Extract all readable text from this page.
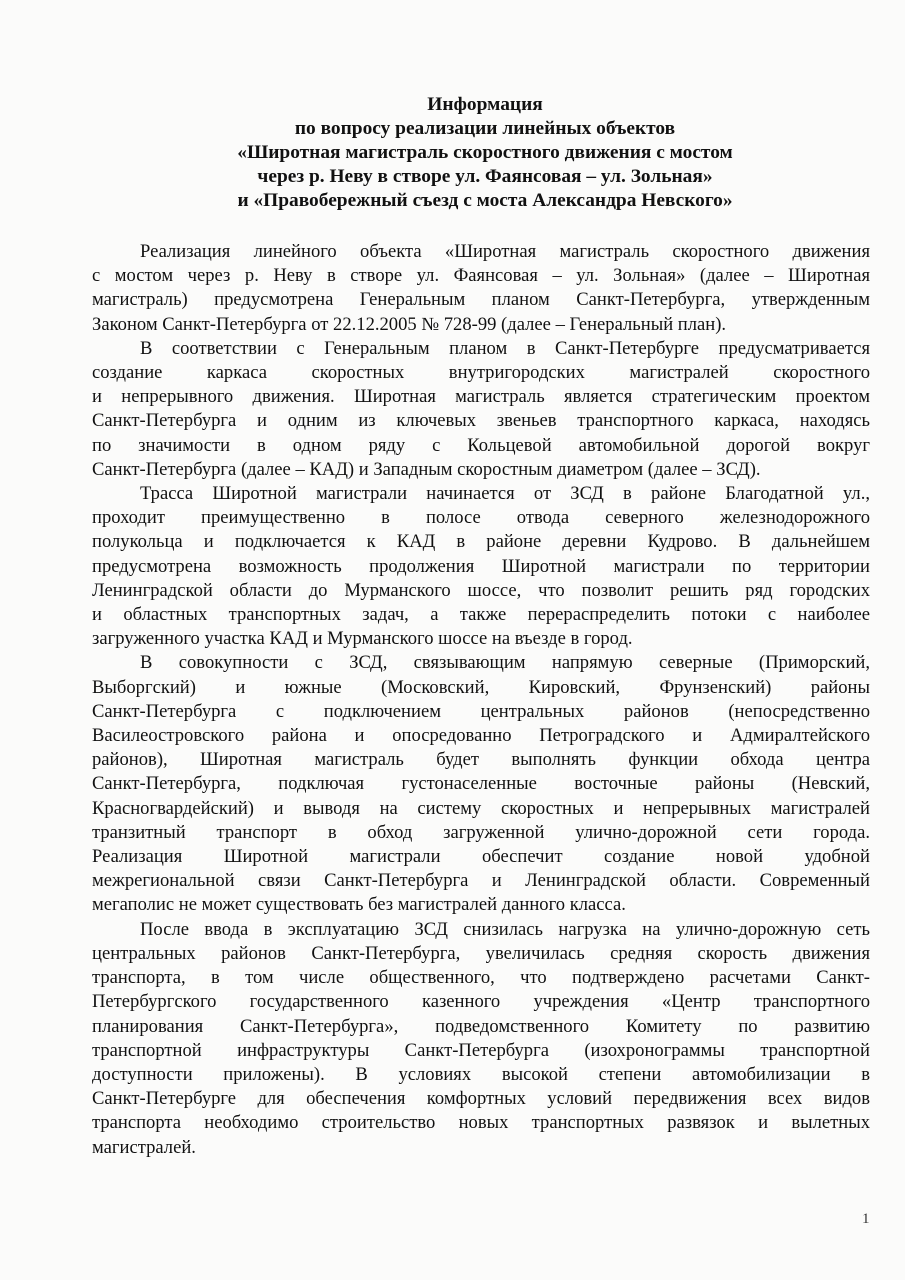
Информация
по вопросу реализации линейных объектов
«Широтная магистраль скоростного движения с мостом
через р. Неву в створе ул. Фаянсовая – ул. Зольная»
и «Правобережный съезд с моста Александра Невского»
Реализация линейного объекта «Широтная магистраль скоростного движения
с мостом через р. Неву в створе ул. Фаянсовая – ул. Зольная» (далее – Широтная
магистраль) предусмотрена Генеральным планом Санкт-Петербурга, утвержденным
Законом Санкт-Петербурга от 22.12.2005 № 728-99 (далее – Генеральный план).
В соответствии с Генеральным планом в Санкт-Петербурге предусматривается
создание каркаса скоростных внутригородских магистралей скоростного
и непрерывного движения. Широтная магистраль является стратегическим проектом
Санкт-Петербурга и одним из ключевых звеньев транспортного каркаса, находясь
по значимости в одном ряду с Кольцевой автомобильной дорогой вокруг
Санкт-Петербурга (далее – КАД) и Западным скоростным диаметром (далее – ЗСД).
Трасса Широтной магистрали начинается от ЗСД в районе Благодатной ул.,
проходит преимущественно в полосе отвода северного железнодорожного
полукольца и подключается к КАД в районе деревни Кудрово. В дальнейшем
предусмотрена возможность продолжения Широтной магистрали по территории
Ленинградской области до Мурманского шоссе, что позволит решить ряд городских
и областных транспортных задач, а также перераспределить потоки с наиболее
загруженного участка КАД и Мурманского шоссе на въезде в город.
В совокупности с ЗСД, связывающим напрямую северные (Приморский,
Выборгский) и южные (Московский, Кировский, Фрунзенский) районы
Санкт-Петербурга с подключением центральных районов (непосредственно
Василеостровского района и опосредованно Петроградского и Адмиралтейского
районов), Широтная магистраль будет выполнять функции обхода центра
Санкт-Петербурга, подключая густонаселенные восточные районы (Невский,
Красногвардейский) и выводя на систему скоростных и непрерывных магистралей
транзитный транспорт в обход загруженной улично-дорожной сети города.
Реализация Широтной магистрали обеспечит создание новой удобной
межрегиональной связи Санкт-Петербурга и Ленинградской области. Современный
мегаполис не может существовать без магистралей данного класса.
После ввода в эксплуатацию ЗСД снизилась нагрузка на улично-дорожную сеть
центральных районов Санкт-Петербурга, увеличилась средняя скорость движения
транспорта, в том числе общественного, что подтверждено расчетами Санкт-
Петербургского государственного казенного учреждения «Центр транспортного
планирования Санкт-Петербурга», подведомственного Комитету по развитию
транспортной инфраструктуры Санкт-Петербурга (изохронограммы транспортной
доступности приложены). В условиях высокой степени автомобилизации в
Санкт-Петербурге для обеспечения комфортных условий передвижения всех видов
транспорта необходимо строительство новых транспортных развязок и вылетных
магистралей.
1
